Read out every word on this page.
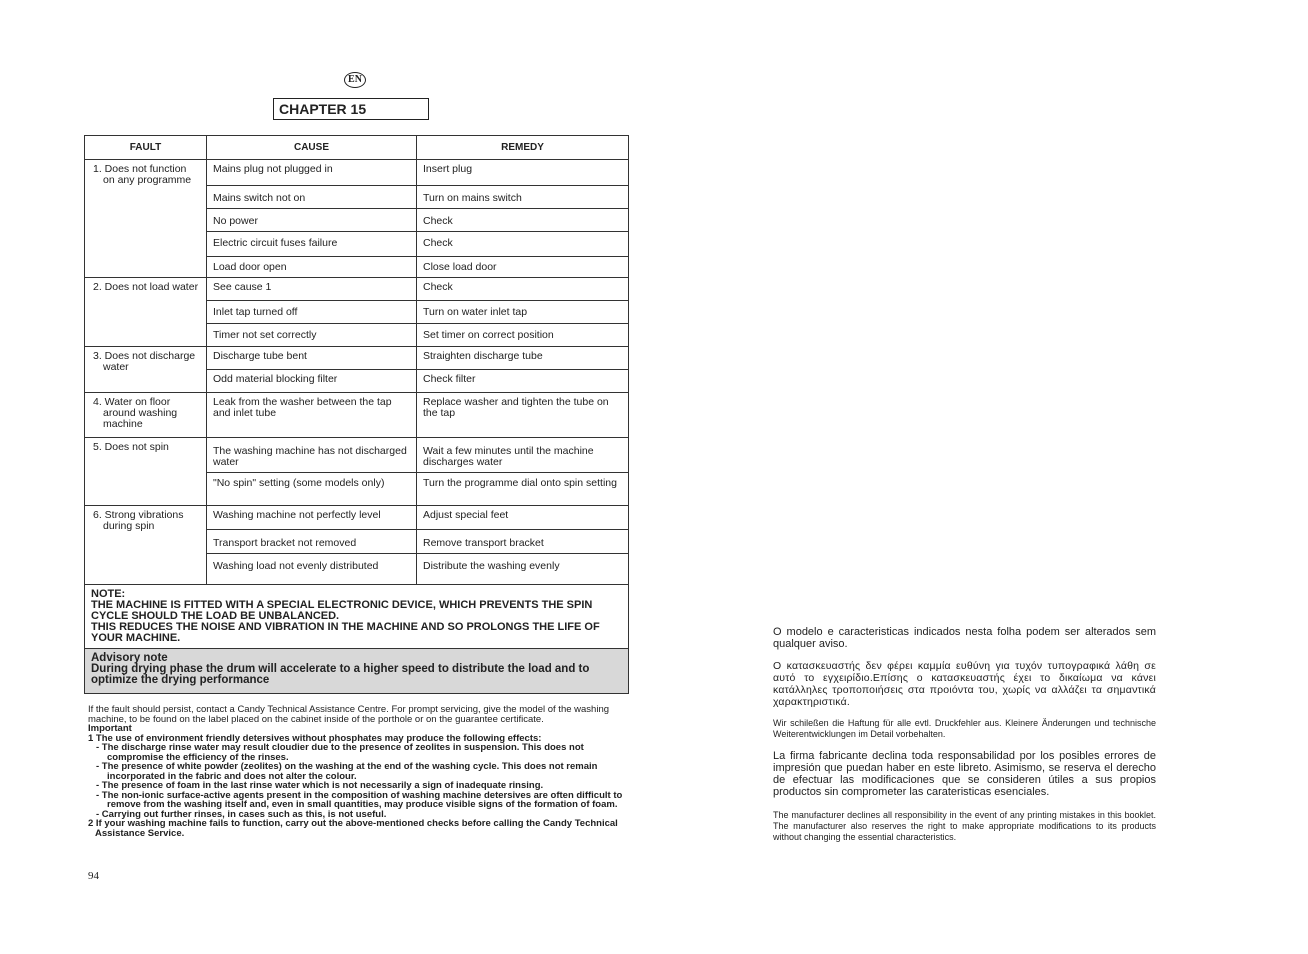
EN
CHAPTER 15
FAULT	CAUSE	REMEDY

1. Does not function on any programme	Mains plug not plugged in	Insert plug
	Mains switch not on	Turn on mains switch
	No power	Check
	Electric circuit fuses failure	Check
	Load door open	Close load door

2. Does not load water	See cause 1	Check
	Inlet tap turned off	Turn on water inlet tap
	Timer not set correctly	Set timer on correct position

3. Does not discharge water	Discharge tube bent	Straighten discharge tube
	Odd material blocking filter	Check filter

4. Water on floor around washing machine	Leak from the washer between the tap and inlet tube	Replace washer and tighten the tube on the tap

5. Does not spin	The washing machine has not discharged water	Wait a few minutes until the machine discharges water
	"No spin" setting (some models only)	Turn the programme dial onto spin setting

6. Strong vibrations during spin	Washing machine not perfectly level	Adjust special feet
	Transport bracket not removed	Remove transport bracket
	Washing load not evenly distributed	Distribute the washing evenly

NOTE:
THE MACHINE IS FITTED WITH A SPECIAL ELECTRONIC DEVICE, WHICH PREVENTS THE SPIN CYCLE SHOULD THE LOAD BE UNBALANCED.
THIS REDUCES THE NOISE AND VIBRATION IN THE MACHINE AND SO PROLONGS THE LIFE OF YOUR MACHINE.		

Advisory note
During drying phase the drum will accelerate to a higher speed to distribute the load and to optimize the drying performance		
If the fault should persist, contact a Candy Technical Assistance Centre. For prompt servicing, give the model of the washing machine, to be found on the label placed on the cabinet inside of the porthole or on the guarantee certificate.
Important
1 The use of environment friendly detersives without phosphates may produce the following effects:
- The discharge rinse water may result cloudier due to the presence of zeolites in suspension. This does not compromise the efficiency of the rinses.
- The presence of white powder (zeolites) on the washing at the end of the washing cycle. This does not remain incorporated in the fabric and does not alter the colour.
- The presence of foam in the last rinse water which is not necessarily a sign of inadequate rinsing.
- The non-ionic surface-active agents present in the composition of washing machine detersives are often difficult to remove from the washing itself and, even in small quantities, may produce visible signs of the formation of foam.
- Carrying out further rinses, in cases such as this, is not useful.
2 If your washing machine fails to function, carry out the above-mentioned checks before calling the Candy Technical Assistance Service.
94

O modelo e caracteristicas indicados nesta folha podem ser alterados sem qualquer aviso.

Ο κατασκευαστής δεν φέρει καμμία ευθύνη για τυχόν τυπογραφικά λάθη σε αυτό το εγχειρίδιο.Επίσης ο κατασκευαστής έχει το δικαίωμα να κάνει κατάλληλες τροποποιήσεις στα προιόντα του, χωρίς να αλλάζει τα σημαντικά χαρακτηριστικά.

Wir schileßen die Haftung für alle evtl. Druckfehler aus. Kleinere Änderungen und technische Weiterentwicklungen im Detail vorbehalten.

La firma fabricante declina toda responsabilidad por los posibles errores de impresión que puedan haber en este libreto. Asimismo, se reserva el derecho de efectuar las modificaciones que se consideren útiles a sus propios productos sin comprometer las carateristicas esenciales.

The manufacturer declines all responsibility in the event of any printing mistakes in this booklet. The manufacturer also reserves the right to make appropriate modifications to its products without changing the essential characteristics.
